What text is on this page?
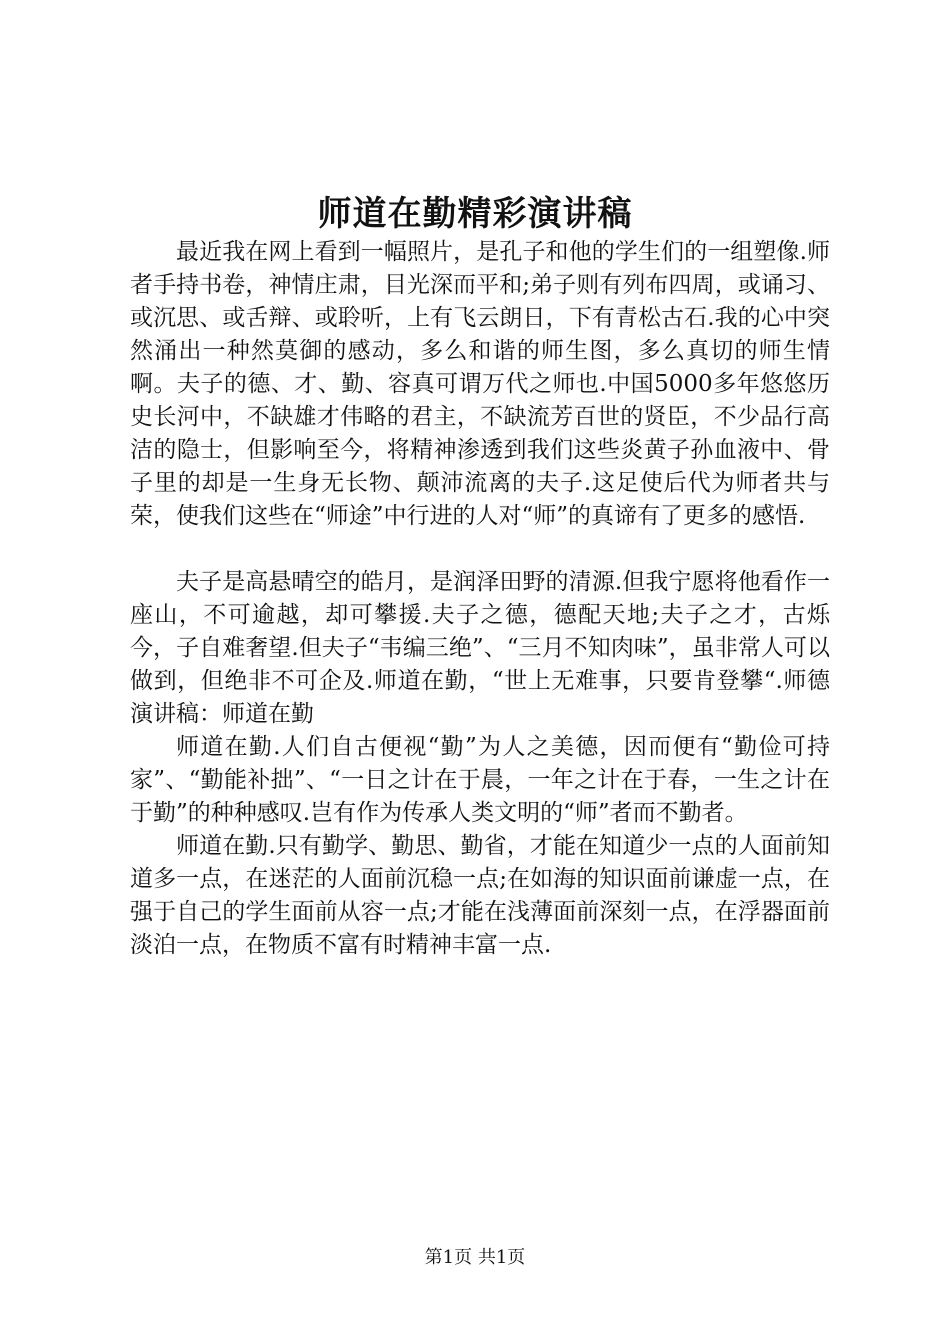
师道在勤精彩演讲稿

最近我在网上看到一幅照片，是孔子和他的学生们的一组塑像.师者手持书卷，神情庄肃，目光深而平和;弟子则有列布四周，或诵习、或沉思、或舌辩、或聆听，上有飞云朗日，下有青松古石.我的心中突然涌出一种然莫御的感动，多么和谐的师生图，多么真切的师生情啊。夫子的德、才、勤、容真可谓万代之师也.中国5000多年悠悠历史长河中，不缺雄才伟略的君主，不缺流芳百世的贤臣，不少品行高洁的隐士，但影响至今，将精神渗透到我们这些炎黄子孙血液中、骨子里的却是一生身无长物、颠沛流离的夫子.这足使后代为师者共与荣，使我们这些在“师途”中行进的人对“师”的真谛有了更多的感悟.

夫子是高悬晴空的皓月，是润泽田野的清源.但我宁愿将他看作一座山，不可逾越，却可攀援.夫子之德，德配天地;夫子之才，古烁今，子自难奢望.但夫子“韦编三绝”、“三月不知肉味”，虽非常人可以做到，但绝非不可企及.师道在勤，“世上无难事，只要肯登攀“.师德演讲稿：师道在勤

师道在勤.人们自古便视“勤”为人之美德，因而便有“勤俭可持家”、“勤能补拙”、“一日之计在于晨，一年之计在于春，一生之计在于勤”的种种感叹.岂有作为传承人类文明的“师”者而不勤者。

师道在勤.只有勤学、勤思、勤省，才能在知道少一点的人面前知道多一点，在迷茫的人面前沉稳一点;在如海的知识面前谦虚一点，在强于自己的学生面前从容一点;才能在浅薄面前深刻一点，在浮器面前淡泊一点，在物质不富有时精神丰富一点.

第1页 共1页
